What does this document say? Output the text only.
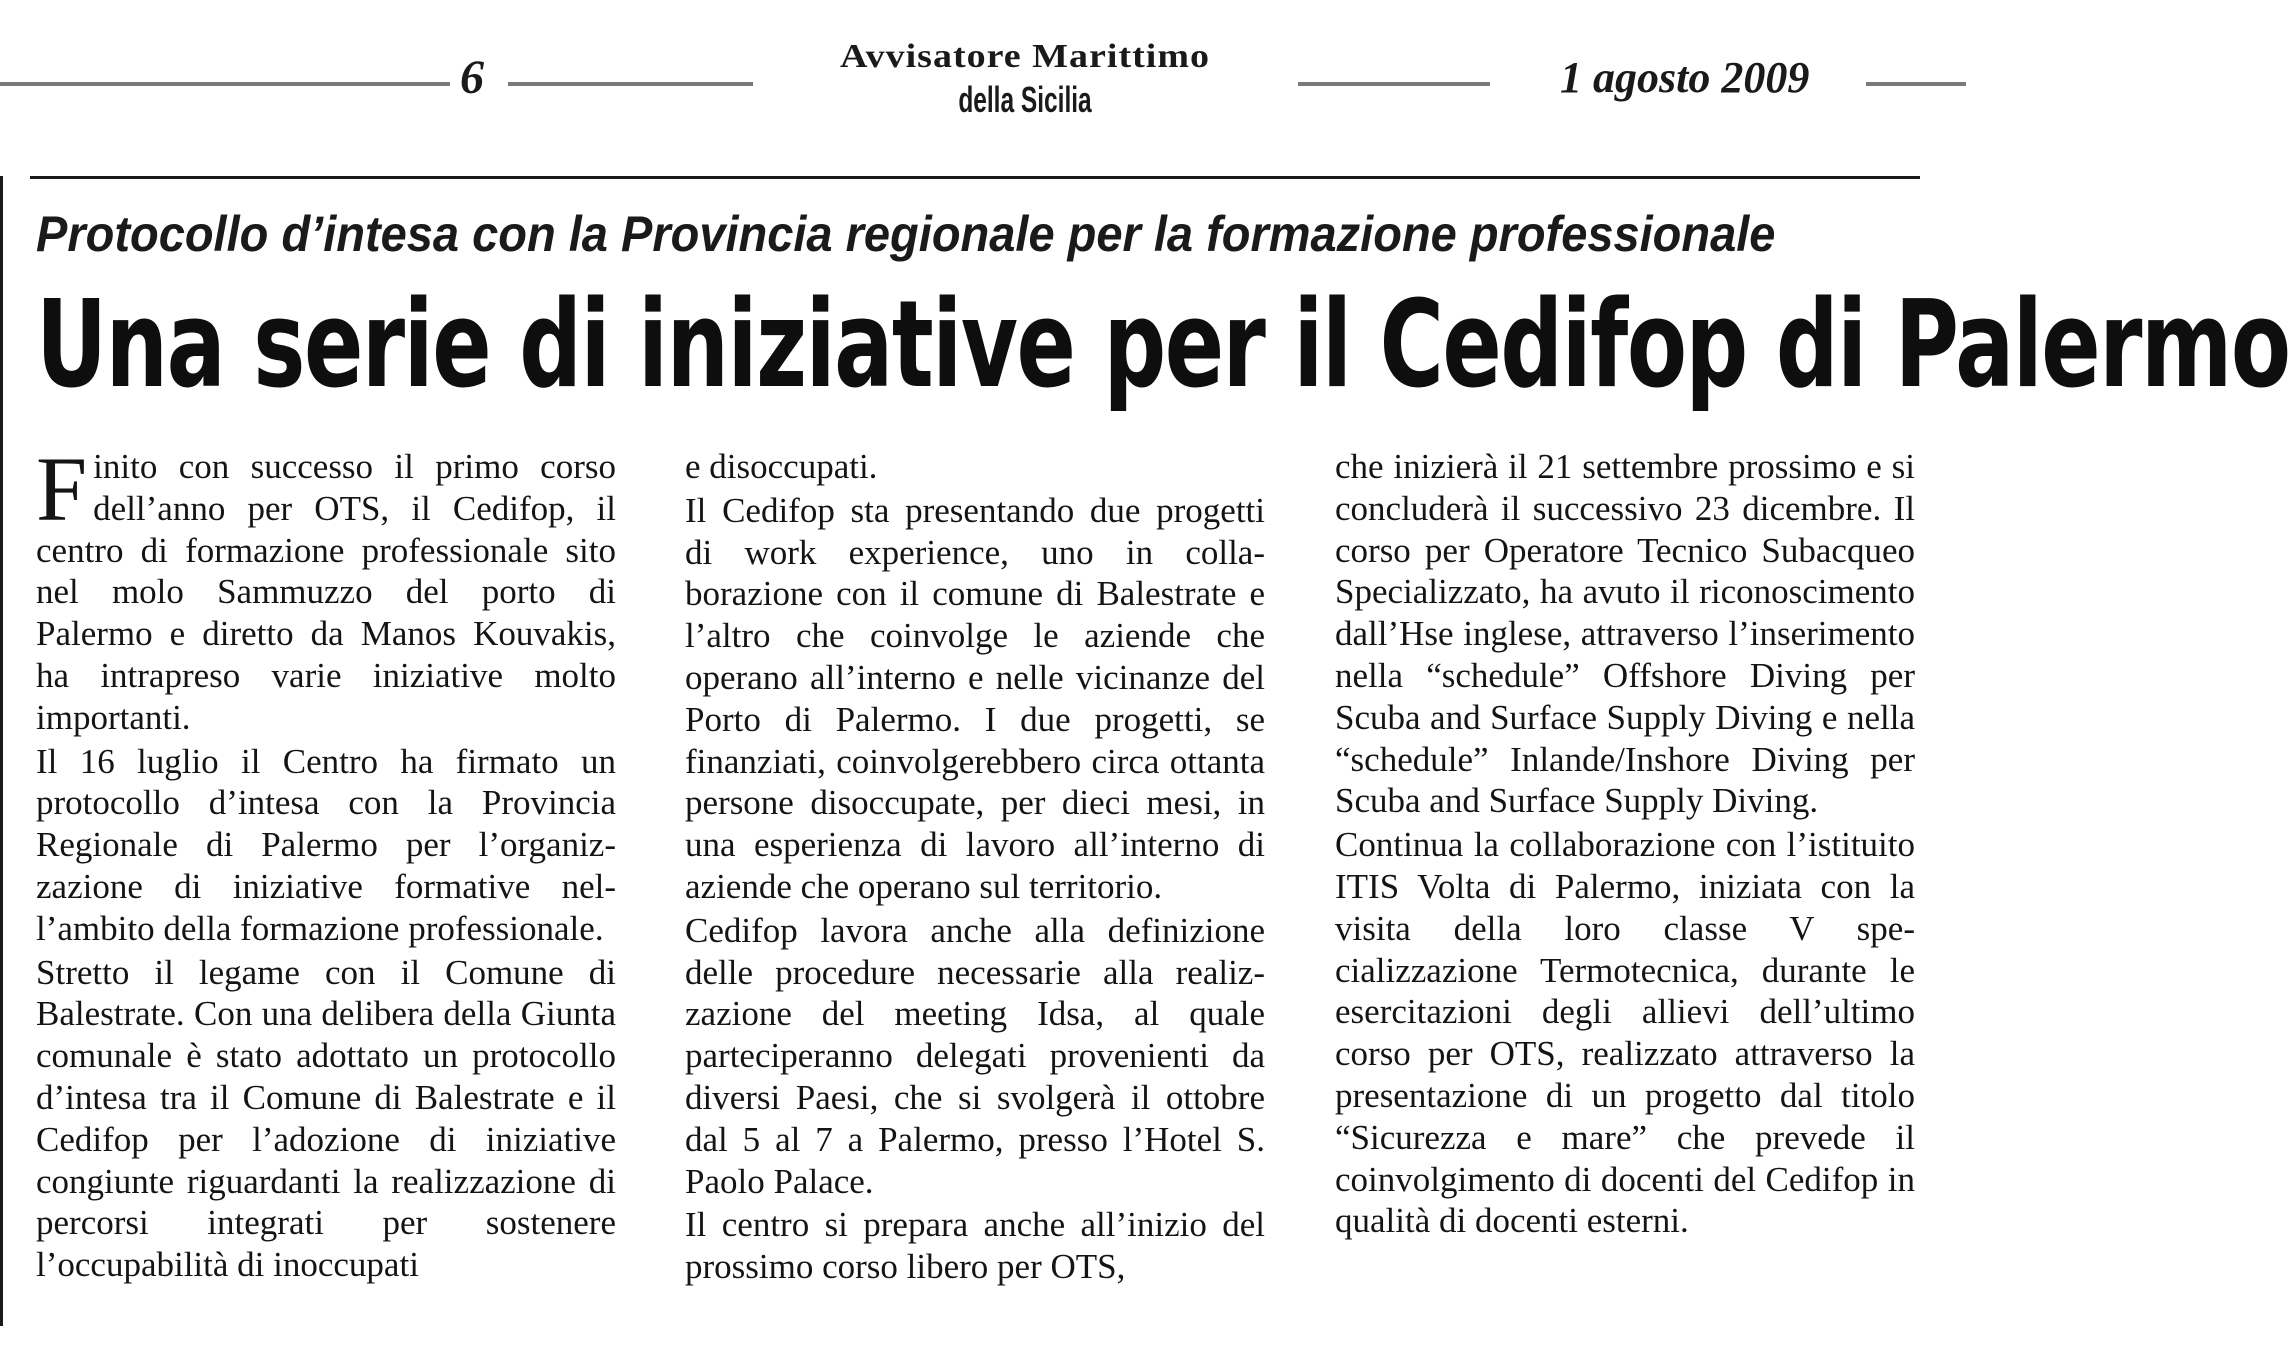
6	Avvisatore Marittimo
della Sicilia	1 agosto 2009
Protocollo d’intesa con la Provincia regionale per la formazione professionale
Una serie di iniziative per il Cedifop di Palermo

Finito con successo il primo corso dell’anno per OTS, il Cedifop, il centro di formazione professionale sito nel molo Sammuzzo del porto di Palermo e diretto da Manos Kouvakis, ha intrapreso varie iniziative molto importanti.

Il 16 luglio il Centro ha firmato un protocollo d’intesa con la Provincia Regionale di Palermo per l’organizzazione di iniziative formative nell’ambito della formazione professionale.

Stretto il legame con il Comune di Balestrate. Con una delibera della Giunta comunale è stato adottato un protocollo d’intesa tra il Comune di Balestrate e il Cedifop per l’adozione di iniziative congiunte riguardanti la realizzazione di percorsi integrati per sostenere l’occupabilità di inoccupati

e disoccupati.

Il Cedifop sta presentando due progetti di work experience, uno in collaborazione con il comune di Balestrate e l’altro che coinvolge le aziende che operano all’interno e nelle vicinanze del Porto di Palermo. I due progetti, se finanziati, coinvolgerebbero circa ottanta persone disoccupate, per dieci mesi, in una esperienza di lavoro all’interno di aziende che operano sul territorio.

Cedifop lavora anche alla definizione delle procedure necessarie alla realizzazione del meeting Idsa, al quale parteciperanno delegati provenienti da diversi Paesi, che si svolgerà il ottobre dal 5 al 7 a Palermo, presso l’Hotel S. Paolo Palace.

Il centro si prepara anche all’inizio del prossimo corso libero per OTS,

che inizierà il 21 settembre prossimo e si concluderà il successivo 23 dicembre. Il corso per Operatore Tecnico Subacqueo Specializzato, ha avuto il riconoscimento dall’Hse inglese, attraverso l’inserimento nella “schedule” Offshore Diving per Scuba and Surface Supply Diving e nella “schedule” Inlande/Inshore Diving per Scuba and Surface Supply Diving.

Continua la collaborazione con l’istituito ITIS Volta di Palermo, iniziata con la visita della loro classe V specializzazione Termotecnica, durante le esercitazioni degli allievi dell’ultimo corso per OTS, realizzato attraverso la presentazione di un progetto dal titolo “Sicurezza e mare” che prevede il coinvolgimento di docenti del Cedifop in qualità di docenti esterni.
